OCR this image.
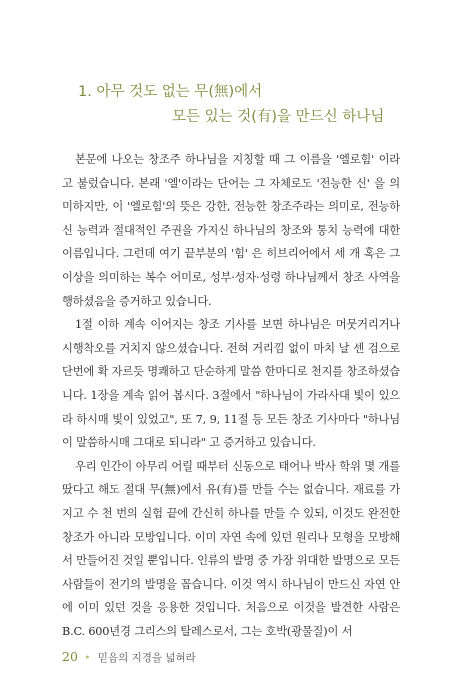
1. 아무 것도 없는 무(無)에서
모든 있는 것(有)을 만드신 하나님

본문에 나오는 창조주 하나님을 지칭할 때 그 이름을 '엘로힘' 이라고 불렀습니다. 본래 '엘'이라는 단어는 그 자체로도 '전능한 신' 을 의미하지만, 이 '엘로힘'의 뜻은 강한, 전능한 창조주라는 의미로, 전능하신 능력과 절대적인 주권을 가지신 하나님의 창조와 통치 능력에 대한 이름입니다. 그런데 여기 끝부분의 '힘' 은 히브리어에서 세 개 혹은 그 이상을 의미하는 복수 어미로, 성부·성자·성령 하나님께서 창조 사역을 행하셨음을 증거하고 있습니다.

1절 이하 계속 이어지는 창조 기사를 보면 하나님은 머뭇거리거나 시행착오를 거치지 않으셨습니다. 전혀 거리낌 없이 마치 날 센 검으로 단번에 확 자르듯 명쾌하고 단순하게 말씀 한마디로 천지를 창조하셨습니다. 1장을 계속 읽어 봅시다. 3절에서 "하나님이 가라사대 빛이 있으라 하시매 빛이 있었고", 또 7, 9, 11절 등 모든 창조 기사마다 "하나님이 말씀하시매 그대로 되니라" 고 증거하고 있습니다.

우리 인간이 아무리 어릴 때부터 신동으로 태어나 박사 학위 몇 개를 땄다고 해도 절대 무(無)에서 유(有)를 만들 수는 없습니다. 재료를 가지고 수 천 번의 실험 끝에 간신히 하나를 만들 수 있되, 이것도 완전한 창조가 아니라 모방입니다. 이미 자연 속에 있던 원리나 모형을 모방해서 만들어진 것일 뿐입니다. 인류의 발명 중 가장 위대한 발명으로 모든 사람들이 전기의 발명을 꼽습니다. 이것 역시 하나님이 만드신 자연 안에 이미 있던 것을 응용한 것입니다. 처음으로 이것을 발견한 사람은 B.C. 600년경 그리스의 탈레스로서, 그는 호박(광물질)이 서

20 • 믿음의 지경을 넓혀라
